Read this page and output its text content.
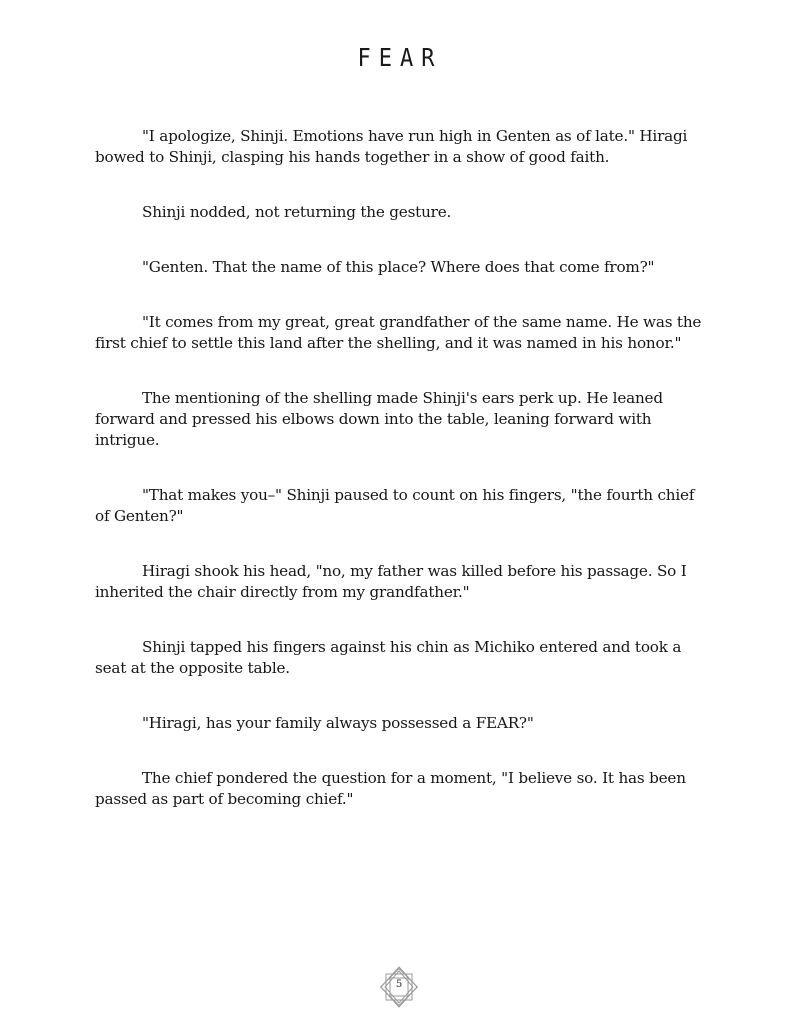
FEAR

"I apologize, Shinji. Emotions have run high in Genten as of late." Hiragi bowed to Shinji, clasping his hands together in a show of good faith.

Shinji nodded, not returning the gesture.

"Genten. That the name of this place? Where does that come from?"

"It comes from my great, great grandfather of the same name. He was the first chief to settle this land after the shelling, and it was named in his honor."

The mentioning of the shelling made Shinji's ears perk up. He leaned forward and pressed his elbows down into the table, leaning forward with intrigue.

"That makes you–" Shinji paused to count on his fingers, "the fourth chief of Genten?"

Hiragi shook his head, "no, my father was killed before his passage. So I inherited the chair directly from my grandfather."

Shinji tapped his fingers against his chin as Michiko entered and took a seat at the opposite table.

"Hiragi, has your family always possessed a FEAR?"

The chief pondered the question for a moment, "I believe so. It has been passed as part of becoming chief."

5
